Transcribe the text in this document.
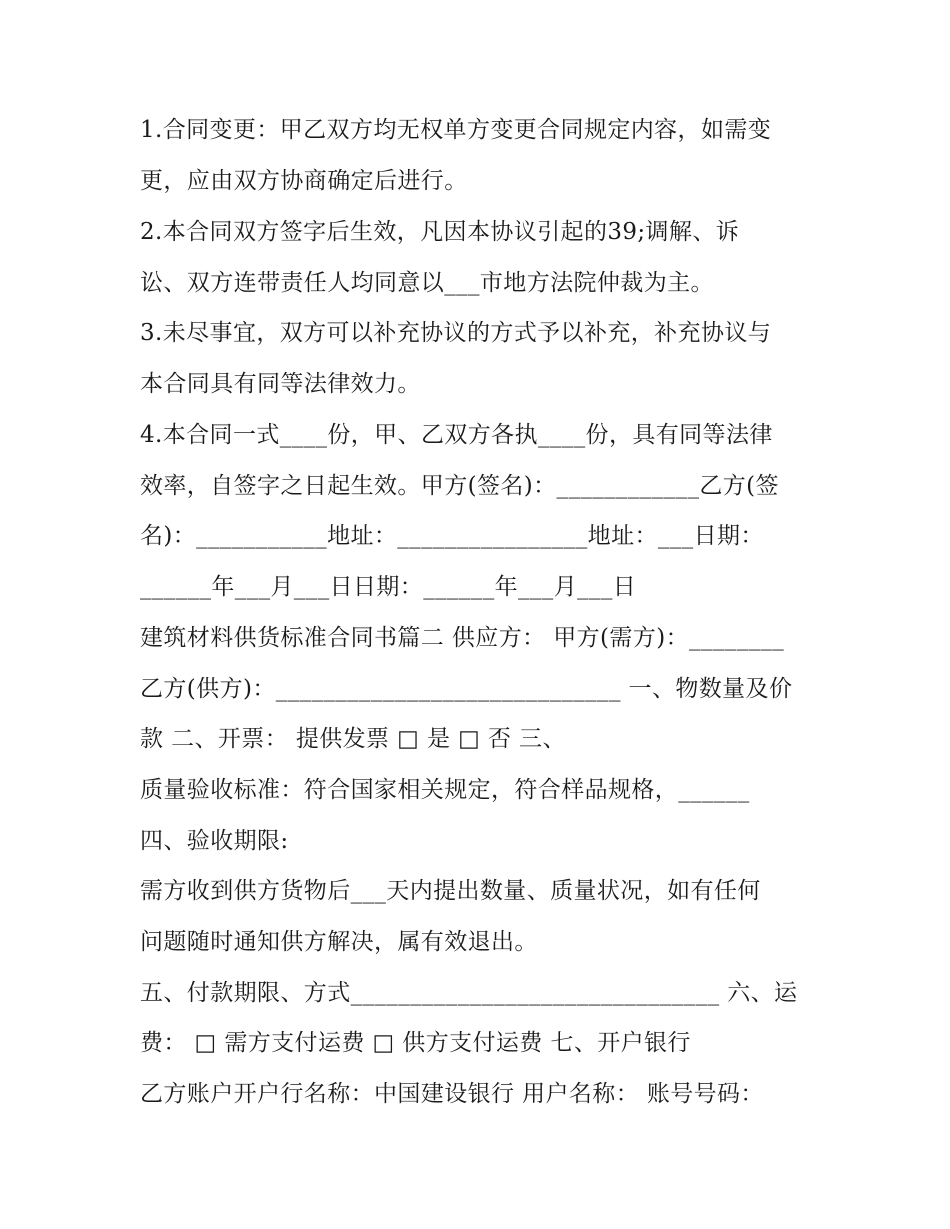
1.合同变更：甲乙双方均无权单方变更合同规定内容，如需变
更，应由双方协商确定后进行。
2.本合同双方签字后生效，凡因本协议引起的39;调解、诉
讼、双方连带责任人均同意以___市地方法院仲裁为主。
3.未尽事宜，双方可以补充协议的方式予以补充，补充协议与
本合同具有同等法律效力。
4.本合同一式____份，甲、乙双方各执____份，具有同等法律
效率，自签字之日起生效。甲方(签名)：____________乙方(签
名)：___________地址：________________地址：___日期：
______年___月___日日期：______年___月___日
建筑材料供货标准合同书篇二 供应方： 甲方(需方)：________
乙方(供方)：_____________________________ 一、物数量及价
款 二、开票： 提供发票 □ 是 □ 否 三、
质量验收标准：符合国家相关规定，符合样品规格，______
四、验收期限:
需方收到供方货物后___天内提出数量、质量状况，如有任何
问题随时通知供方解决，属有效退出。
五、付款期限、方式_______________________________ 六、运
费： □ 需方支付运费 □ 供方支付运费 七、开户银行
乙方账户开户行名称：中国建设银行 用户名称： 账号号码：
